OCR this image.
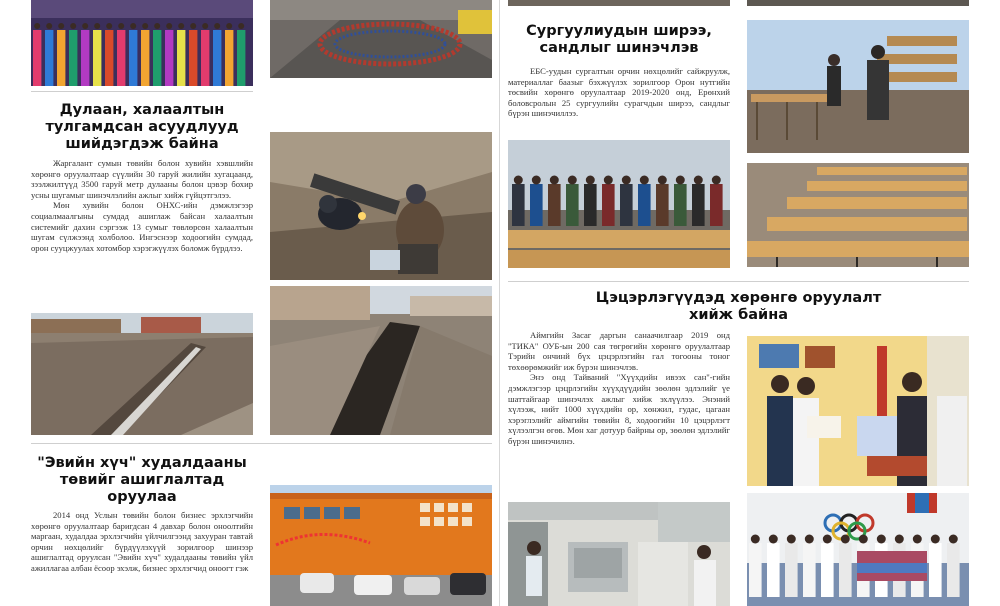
Дулаан, халаалтын
тулгамдсан асуудлууд
шийдэгдэж байна

Жаргалант сумын төвийн болон хувийн хэвшлийн хөрөнгө оруулалтаар сүүлийн 30 гаруй жилийн хугацаанд, зээлжилтүүд 3500 гаруй метр дулааны болон цэвэр бохир усны шугамыг шинэчлэлийн ажлыг хийж гүйцэтгэлээ.

Мөн хувийн болон ОНХС-ийн дэмжлэгээр социалмаалгыны сумдад ашиглаж байсан халаалтын системийг дахин сэргээж 13 сумыг төвлөрсөн халаалтын шугам сүлжээнд холболоо. Ингэснээр ходоогийн сумдад, орон сууцжуулах хотомбор хэрэгжүүлэх боломж бүрдлээ.

"Эвийн хүч" худалдааны
төвийг ашиглалтад
оруулаа

2014 онд Услын төвийн болон бизнес эрхлэгчийн хөрөнгө оруулалтаар баригдсан 4 давхар болон оноолтийн маргаан, худалдаа эрхлэгчийн үйлчилгээнд захууран тавтай орчин нөхцөлийг бүрдүүлэхүүй зорилгоор шинээр ашиглалтад оруулсан "Эвийн хүч" худалдааны төвийн үйл ажиллагаа албан ёсоор эхэлж, бизнес эрхлэгчид оноогт гэж

Сургуулиудын ширээ,
сандлыг шинэчлэв

ЕБС-уудын сургалтын орчин нөхцөлийг сайжруулж, материаллаг баазыг бэхжүүлэх зорилгоор Орон нутгийн төсвийн хөрөнгө оруулалтаар 2019-2020 онд, Ерөнхий боловсролын 25 сургуулийн сурагчдын ширээ, сандлыг бүрэн шинэчиллээ.

Цэцэрлэгүүдэд хөрөнгө оруулалт
хийж байна

Аймгийн Засаг даргын санаачилгаар 2019 онд "ТИКА" ОУБ-ын 200 сая төгрөгийн хөрөнгө оруулалтаар Тэрийн ончинй бүх цэцэрлэгийн гал тогооны тоног төхөөрөмжийг иж бүрэн шинэчлэв.

Энэ онд Тайваний "Хүүхдийн ивээх сан"-гийн дэмжлэгээр цэцрлэгийн хүүхдүүдийн зөөлөн эдлэлийг үе шаттайгаар шинэчлэх ажлыг хийж эхлүүлээ. Энэний хүлээж, нийт 1000 хүүхдийн ор, хөнжил, гудас, цагаан хэрэглэлийг аймгийн төвийн 8, ходоогийн 10 цэцэрлэгт хүлээлгэн өгөв. Мөн хаг дотуур байрны ор, зөөлөн эдлэлийг бүрэн шинэчилнэ.
